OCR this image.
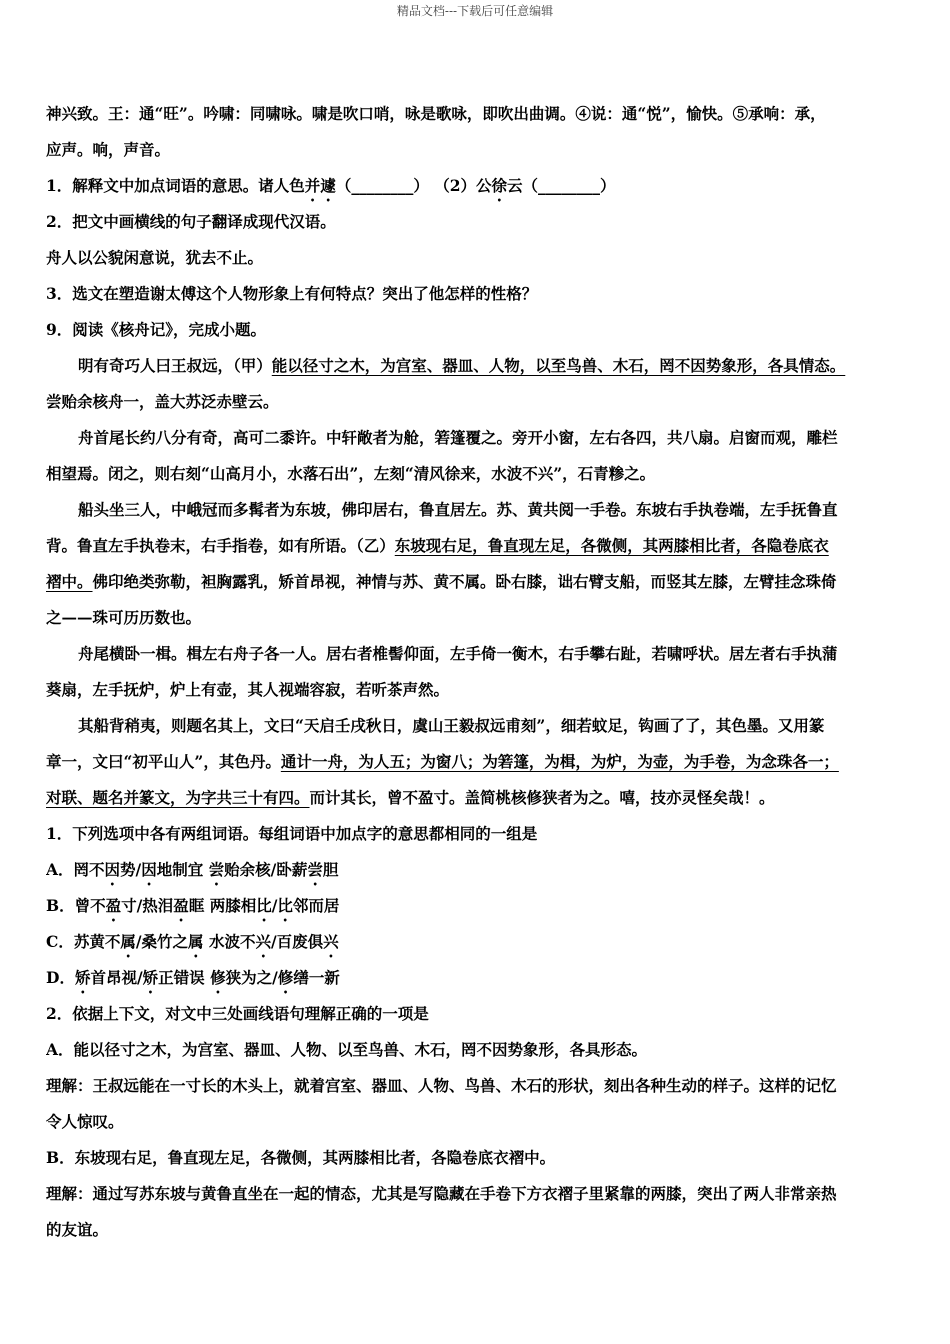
精品文档---下载后可任意编辑
神兴致。王：通“旺”。吟啸：同啸咏。啸是吹口哨，咏是歌咏，即吹出曲调。④说：通“悦”，愉快。⑤承响：承，
应声。响，声音。
1．解释文中加点词语的意思。诸人色并遽（________） （2）公徐云（________）
2．把文中画横线的句子翻译成现代汉语。
舟人以公貌闲意说，犹去不止。
3．选文在塑造谢太傅这个人物形象上有何特点？突出了他怎样的性格？
9．阅读《核舟记》，完成小题。
明有奇巧人曰王叔远，（甲）能以径寸之木，为宫室、器皿、人物，以至鸟兽、木石，罔不因势象形，各具情态。
尝贻余核舟一，盖大苏泛赤壁云。
舟首尾长约八分有奇，高可二黍许。中轩敞者为舱，箬篷覆之。旁开小窗，左右各四，共八扇。启窗而观，雕栏
相望焉。闭之，则右刻“山高月小，水落石出”，左刻“清风徐来，水波不兴”，石青糁之。
船头坐三人，中峨冠而多髯者为东坡，佛印居右，鲁直居左。苏、黄共阅一手卷。东坡右手执卷端，左手抚鲁直
背。鲁直左手执卷末，右手指卷，如有所语。（乙）东坡现右足，鲁直现左足，各微侧，其两膝相比者，各隐卷底衣
褶中。佛印绝类弥勒，袒胸露乳，矫首昂视，神情与苏、黄不属。卧右膝，诎右臂支船，而竖其左膝，左臂挂念珠倚
之——珠可历历数也。
舟尾横卧一楫。楫左右舟子各一人。居右者椎髻仰面，左手倚一衡木，右手攀右趾，若啸呼状。居左者右手执蒲
葵扇，左手抚炉，炉上有壶，其人视端容寂，若听茶声然。
其船背稍夷，则题名其上，文曰“天启壬戌秋日，虞山王毅叔远甫刻”，细若蚊足，钩画了了，其色墨。又用篆
章一，文曰“初平山人”，其色丹。通计一舟，为人五；为窗八；为箬篷，为楫，为炉，为壶，为手卷，为念珠各一；
对联、题名并篆文，为字共三十有四。而计其长，曾不盈寸。盖简桃核修狭者为之。嘻，技亦灵怪矣哉！。
1．下列选项中各有两组词语。每组词语中加点字的意思都相同的一组是
A．罔不因势/因地制宜 尝贻余核/卧薪尝胆
B．曾不盈寸/热泪盈眶 两膝相比/比邻而居
C．苏黄不属/桑竹之属 水波不兴/百废俱兴
D．矫首昂视/矫正错误 修狭为之/修缮一新
2．依据上下文，对文中三处画线语句理解正确的一项是
A．能以径寸之木，为宫室、器皿、人物、以至鸟兽、木石，罔不因势象形，各具形态。
理解：王叔远能在一寸长的木头上，就着宫室、器皿、人物、鸟兽、木石的形状，刻出各种生动的样子。这样的记忆
令人惊叹。
B．东坡现右足，鲁直现左足，各微侧，其两膝相比者，各隐卷底衣褶中。
理解：通过写苏东坡与黄鲁直坐在一起的情态，尤其是写隐藏在手卷下方衣褶子里紧靠的两膝，突出了两人非常亲热
的友谊。
